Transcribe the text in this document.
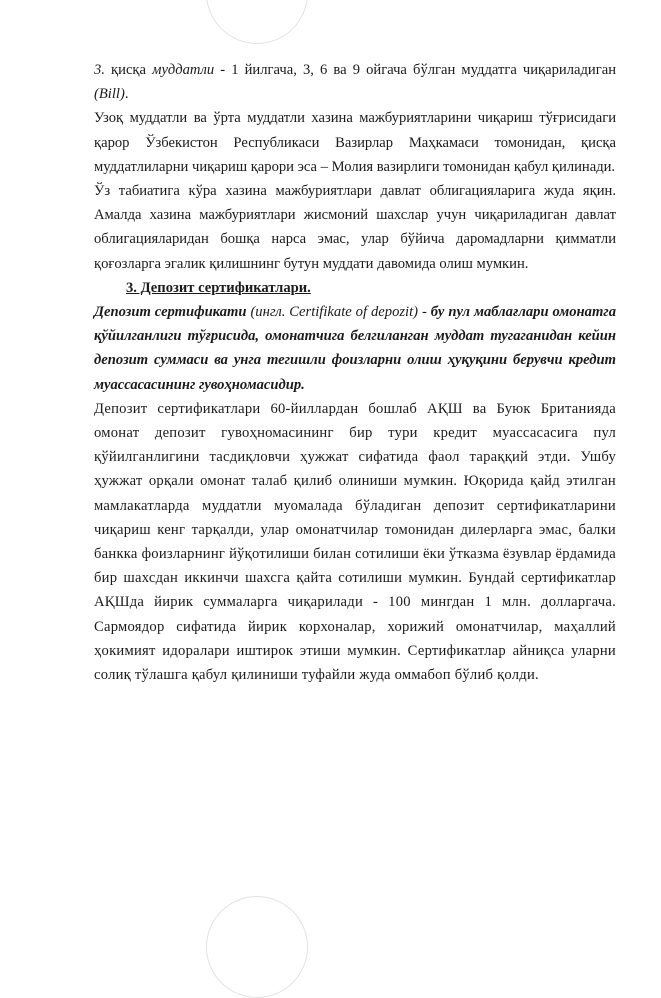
3. қисқа муддатли - 1 йилгача, 3, 6 ва 9 ойгача бўлган муддатга чиқариладиган (Bill).

Узоқ муддатли ва ўрта муддатли хазина мажбуриятларини чиқариш тўғрисидаги қарор Ўзбекистон Республикаси Вазирлар Маҳкамаси томонидан, қисқа муддатлиларни чиқариш қарори эса – Молия вазирлиги томонидан қабул қилинади.

Ўз табиатига кўра хазина мажбуриятлари давлат облигацияларига жуда яқин. Амалда хазина мажбуриятлари жисмоний шахслар учун чиқариладиган давлат облигацияларидан бошқа нарса эмас, улар бўйича даромадларни қимматли қоғозларга эгалик қилишнинг бутун муддати давомида олиш мумкин.

3. Депозит сертификатлари.

Депозит сертификати (ингл. Certifikate of depozit) - бу пул маблағлари омонатга қўйилганлиги тўғрисида, омонатчига белгиланган муддат тугаганидан кейин депозит суммаси ва унга тегишли фоизларни олиш ҳуқуқини берувчи кредит муассасасининг гувоҳномасидир.

Депозит сертификатлари 60-йиллардан бошлаб АҚШ ва Буюк Британияда омонат депозит гувоҳномасининг бир тури кредит муассасасига пул қўйилганлигини тасдиқловчи ҳужжат сифатида фаол тарaққий этди. Ушбу ҳужжат орқали омонат талаб қилиб олиниши мумкин. Юқорида қайд этилган мамлакатларда муддатли муомалада бўладиган депозит сертификатларини чиқариш кенг тарқалди, улар омонатчилар томонидан дилерларга эмас, балки банкка фоизларнинг йўқотилиши билан сотилиши ёки ўтказма ёзувлар ёрдамида бир шахсдан иккинчи шахсга қайта сотилиши мумкин. Бундай сертификатлар АҚШда йирик суммаларга чиқарилади - 100 мингдан 1 млн. долларгача. Сармоядор сифатида йирик корхоналар, хорижий омонатчилар, маҳаллий ҳокимият идоралари иштирок этиши мумкин. Сертификатлар айниқса уларни солиқ тўлашга қабул қилиниши туфайли жуда оммабоп бўлиб қолди.
